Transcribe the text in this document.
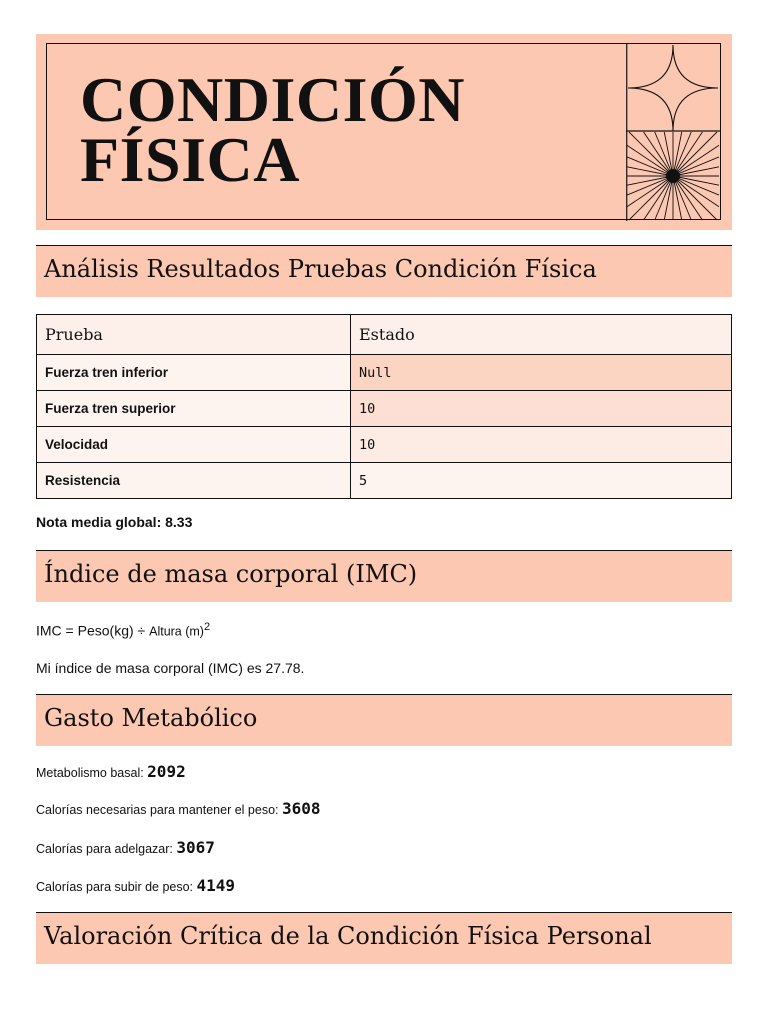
CONDICIÓN
FÍSICA
Análisis Resultados Pruebas Condición Física
Prueba	Estado
Fuerza tren inferior	Null
Fuerza tren superior	10
Velocidad	10
Resistencia	5
Nota media global: 8.33
Índice de masa corporal (IMC)
IMC = Peso(kg) ÷ Altura $(m)^2$
Mi índice de masa corporal (IMC) es 27.78.
Gasto Metabólico
Metabolismo basal: 2092
Calorías necesarias para mantener el peso: 3608
Calorías para adelgazar: 3067
Calorías para subir de peso: 4149
Valoración Crítica de la Condición Física Personal
